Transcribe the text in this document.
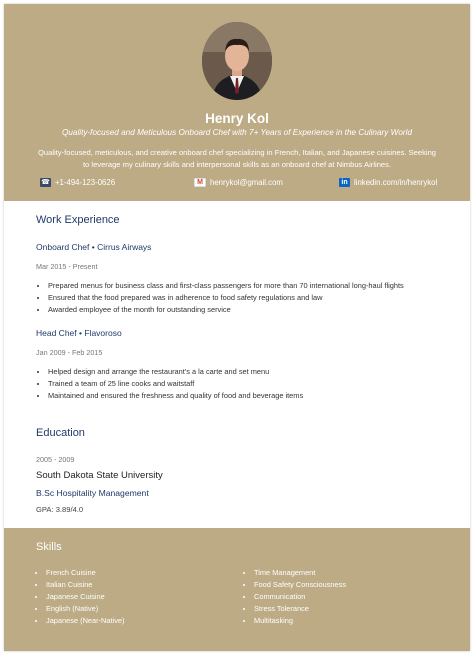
Henry Kol
Quality-focused and Meticulous Onboard Chef with 7+ Years of Experience in the Culinary World
Quality-focused, meticulous, and creative onboard chef specializing in French, Italian, and Japanese cuisines. Seeking to leverage my culinary skills and interpersonal skills as an onboard chef at Nimbus Airlines.
☎ +1-494-123-0626	M henrykol@gmail.com	in linkedin.com/in/henrykol
Work Experience
Onboard Chef • Cirrus Airways
Mar 2015 - Present
• Prepared menus for business class and first-class passengers for more than 70 international long-haul flights
• Ensured that the food prepared was in adherence to food safety regulations and law
• Awarded employee of the month for outstanding service
Head Chef • Flavoroso
Jan 2009 - Feb 2015
• Helped design and arrange the restaurant's a la carte and set menu
• Trained a team of 25 line cooks and waitstaff
• Maintained and ensured the freshness and quality of food and beverage items
Education
2005 - 2009
South Dakota State University
B.Sc Hospitality Management
GPA: 3.89/4.0
Skills
• French Cuisine
• Italian Cuisine
• Japanese Cuisine
• English (Native)
• Japanese (Near-Native)
• Time Management
• Food Safety Consciousness
• Communication
• Stress Tolerance
• Multitasking
